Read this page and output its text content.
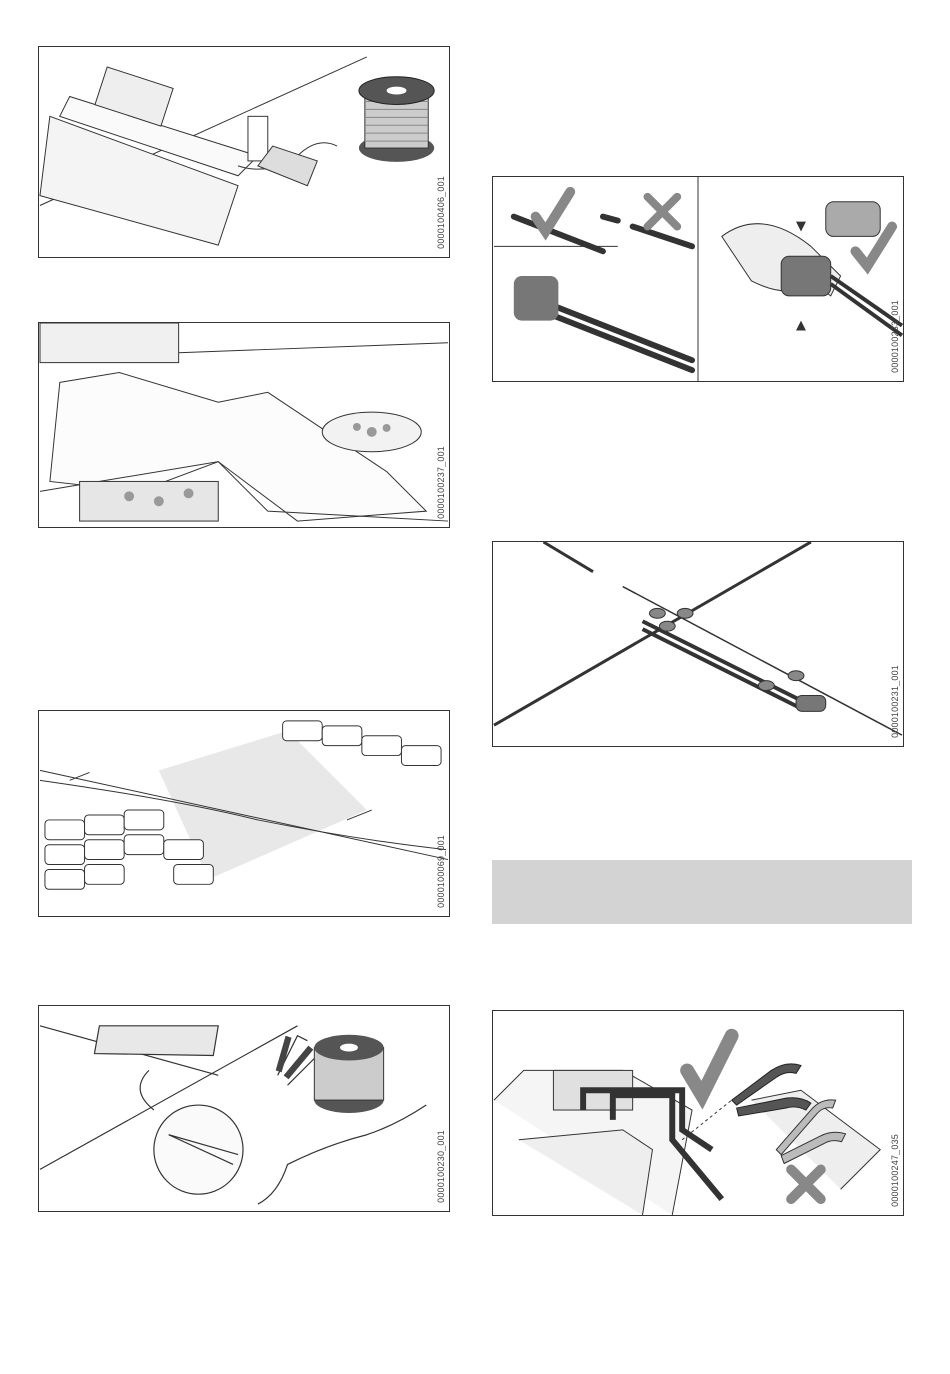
0000100406_001
0000100237_001
0000100069_001
0000100230_001
0000100233_001
0000100231_001
0000100247_035
